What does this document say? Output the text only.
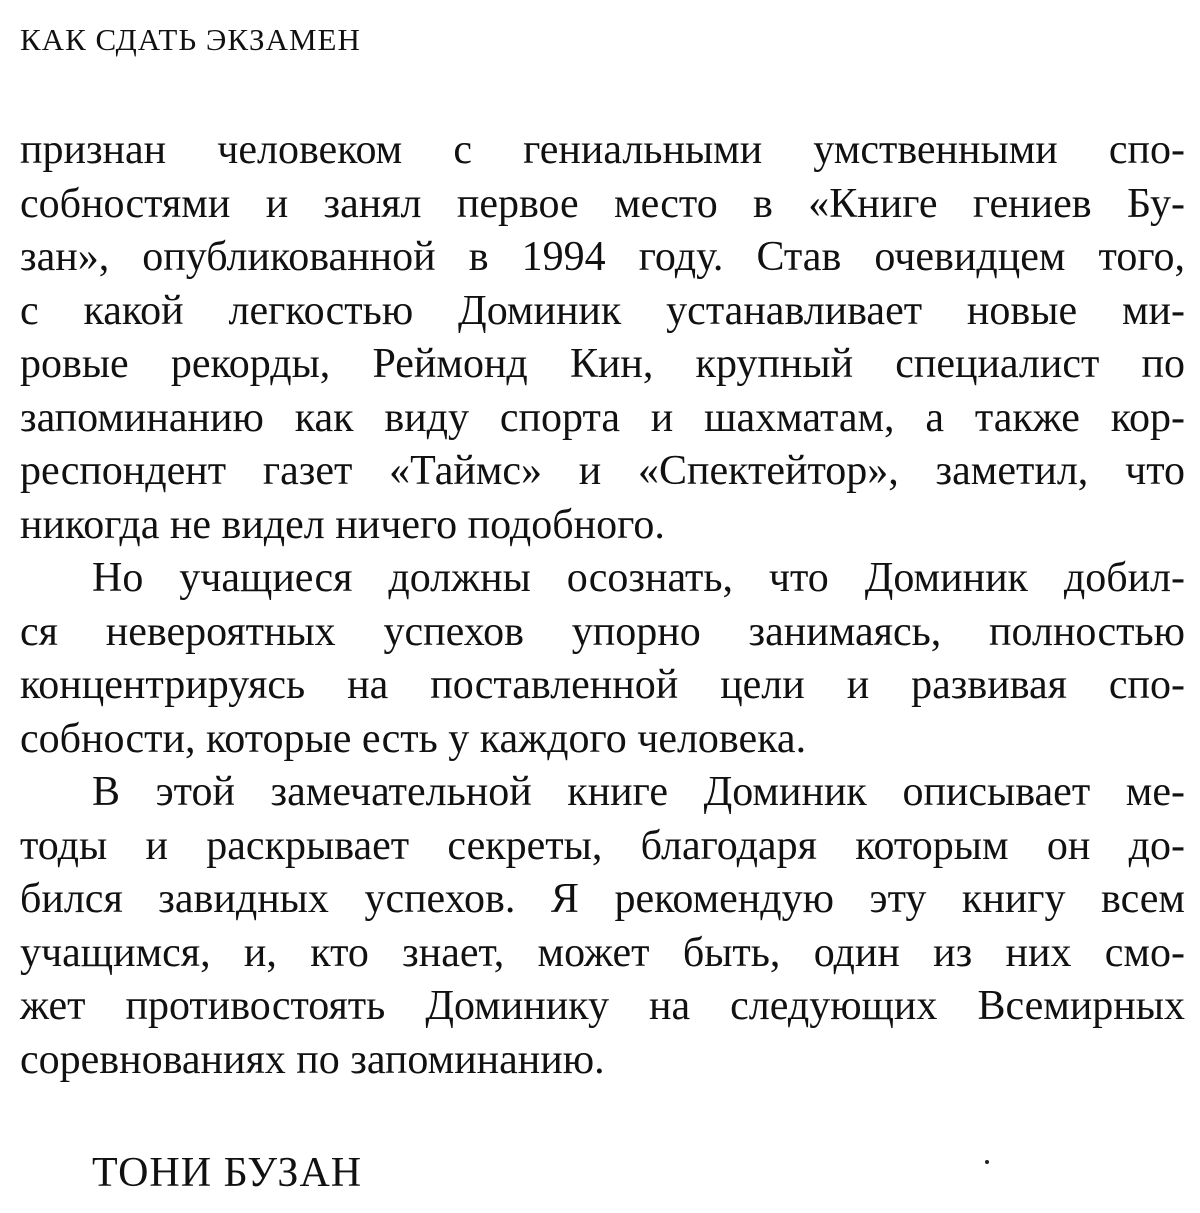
КАК СДАТЬ ЭКЗАМЕН
признан человеком с гениальными умственными спо-
собностями и занял первое место в «Книге гениев Бу-
зан», опубликованной в 1994 году. Став очевидцем того,
с какой легкостью Доминик устанавливает новые ми-
ровые рекорды, Реймонд Кин, крупный специалист по
запоминанию как виду спорта и шахматам, а также кор-
респондент газет «Таймс» и «Спектейтор», заметил, что
никогда не видел ничего подобного.
Но учащиеся должны осознать, что Доминик добил-
ся невероятных успехов упорно занимаясь, полностью
концентрируясь на поставленной цели и развивая спо-
собности, которые есть у каждого человека.
В этой замечательной книге Доминик описывает ме-
тоды и раскрывает секреты, благодаря которым он до-
бился завидных успехов. Я рекомендую эту книгу всем
учащимся, и, кто знает, может быть, один из них смо-
жет противостоять Доминику на следующих Всемирных
соревнованиях по запоминанию.
ТОНИ БУЗАН
